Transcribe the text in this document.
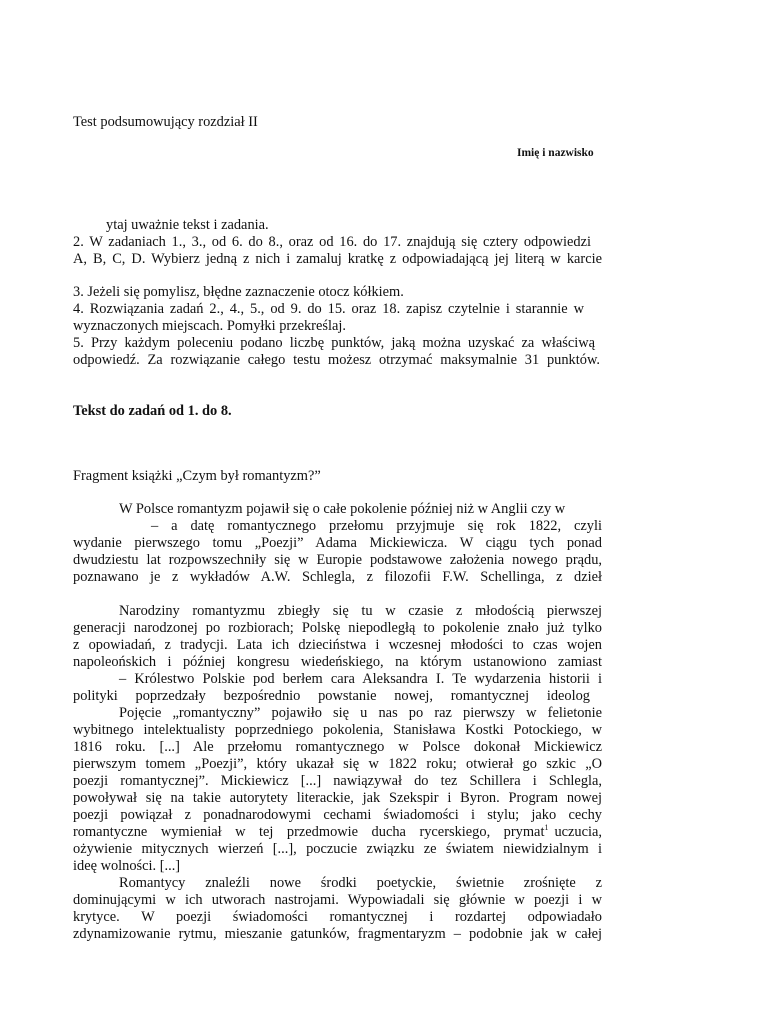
Test podsumowujący rozdział II
Imię i nazwisko
ytaj uważnie tekst i zadania.
2. W zadaniach 1., 3., od 6. do 8., oraz od 16. do 17. znajdują się cztery odpowiedzi
A, B, C, D. Wybierz jedną z nich i zamaluj kratkę z odpowiadającą jej literą w karcie
3. Jeżeli się pomylisz, błędne zaznaczenie otocz kółkiem.
4. Rozwiązania zadań 2., 4., 5., od 9. do 15. oraz 18. zapisz czytelnie i starannie w
wyznaczonych miejscach. Pomyłki przekreślaj.
5. Przy każdym poleceniu podano liczbę punktów, jaką można uzyskać za właściwą
odpowiedź. Za rozwiązanie całego testu możesz otrzymać maksymalnie 31 punktów.
Tekst do zadań od 1. do 8.
Fragment książki „Czym był romantyzm?”
W Polsce romantyzm pojawił się o całe pokolenie później niż w Anglii czy w
– a datę romantycznego przełomu przyjmuje się rok 1822, czyli
wydanie pierwszego tomu „Poezji” Adama Mickiewicza. W ciągu tych ponad
dwudziestu lat rozpowszechniły się w Europie podstawowe założenia nowego prądu,
poznawano je z wykładów A.W. Schlegla, z filozofii F.W. Schellinga, z dzieł
Narodziny romantyzmu zbiegły się tu w czasie z młodością pierwszej
generacji narodzonej po rozbiorach; Polskę niepodległą to pokolenie znało już tylko
z opowiadań, z tradycji. Lata ich dzieciństwa i wczesnej młodości to czas wojen
napoleońskich i później kongresu wiedeńskiego, na którym ustanowiono zamiast
– Królestwo Polskie pod berłem cara Aleksandra I. Te wydarzenia historii i
polityki poprzedzały bezpośrednio powstanie nowej, romantycznej ideolog
Pojęcie „romantyczny” pojawiło się u nas po raz pierwszy w felietonie
wybitnego intelektualisty poprzedniego pokolenia, Stanisława Kostki Potockiego, w
1816 roku. [...] Ale przełomu romantycznego w Polsce dokonał Mickiewicz
pierwszym tomem „Poezji”, który ukazał się w 1822 roku; otwierał go szkic „O
poezji romantycznej”. Mickiewicz [...] nawiązywał do tez Schillera i Schlegla,
powoływał się na takie autorytety literackie, jak Szekspir i Byron. Program nowej
poezji powiązał z ponadnarodowymi cechami świadomości i stylu; jako cechy
romantyczne wymieniał w tej przedmowie ducha rycerskiego, prymat $^1$ uczucia,
ożywienie mitycznych wierzeń [...], poczucie związku ze światem niewidzialnym i
ideę wolności. [...]
Romantycy znaleźli nowe środki poetyckie, świetnie zrośnięte z
dominującymi w ich utworach nastrojami. Wypowiadali się głównie w poezji i w
krytyce. W poezji świadomości romantycznej i rozdartej odpowiadało
zdynamizowanie rytmu, mieszanie gatunków, fragmentaryzm – podobnie jak w całej
